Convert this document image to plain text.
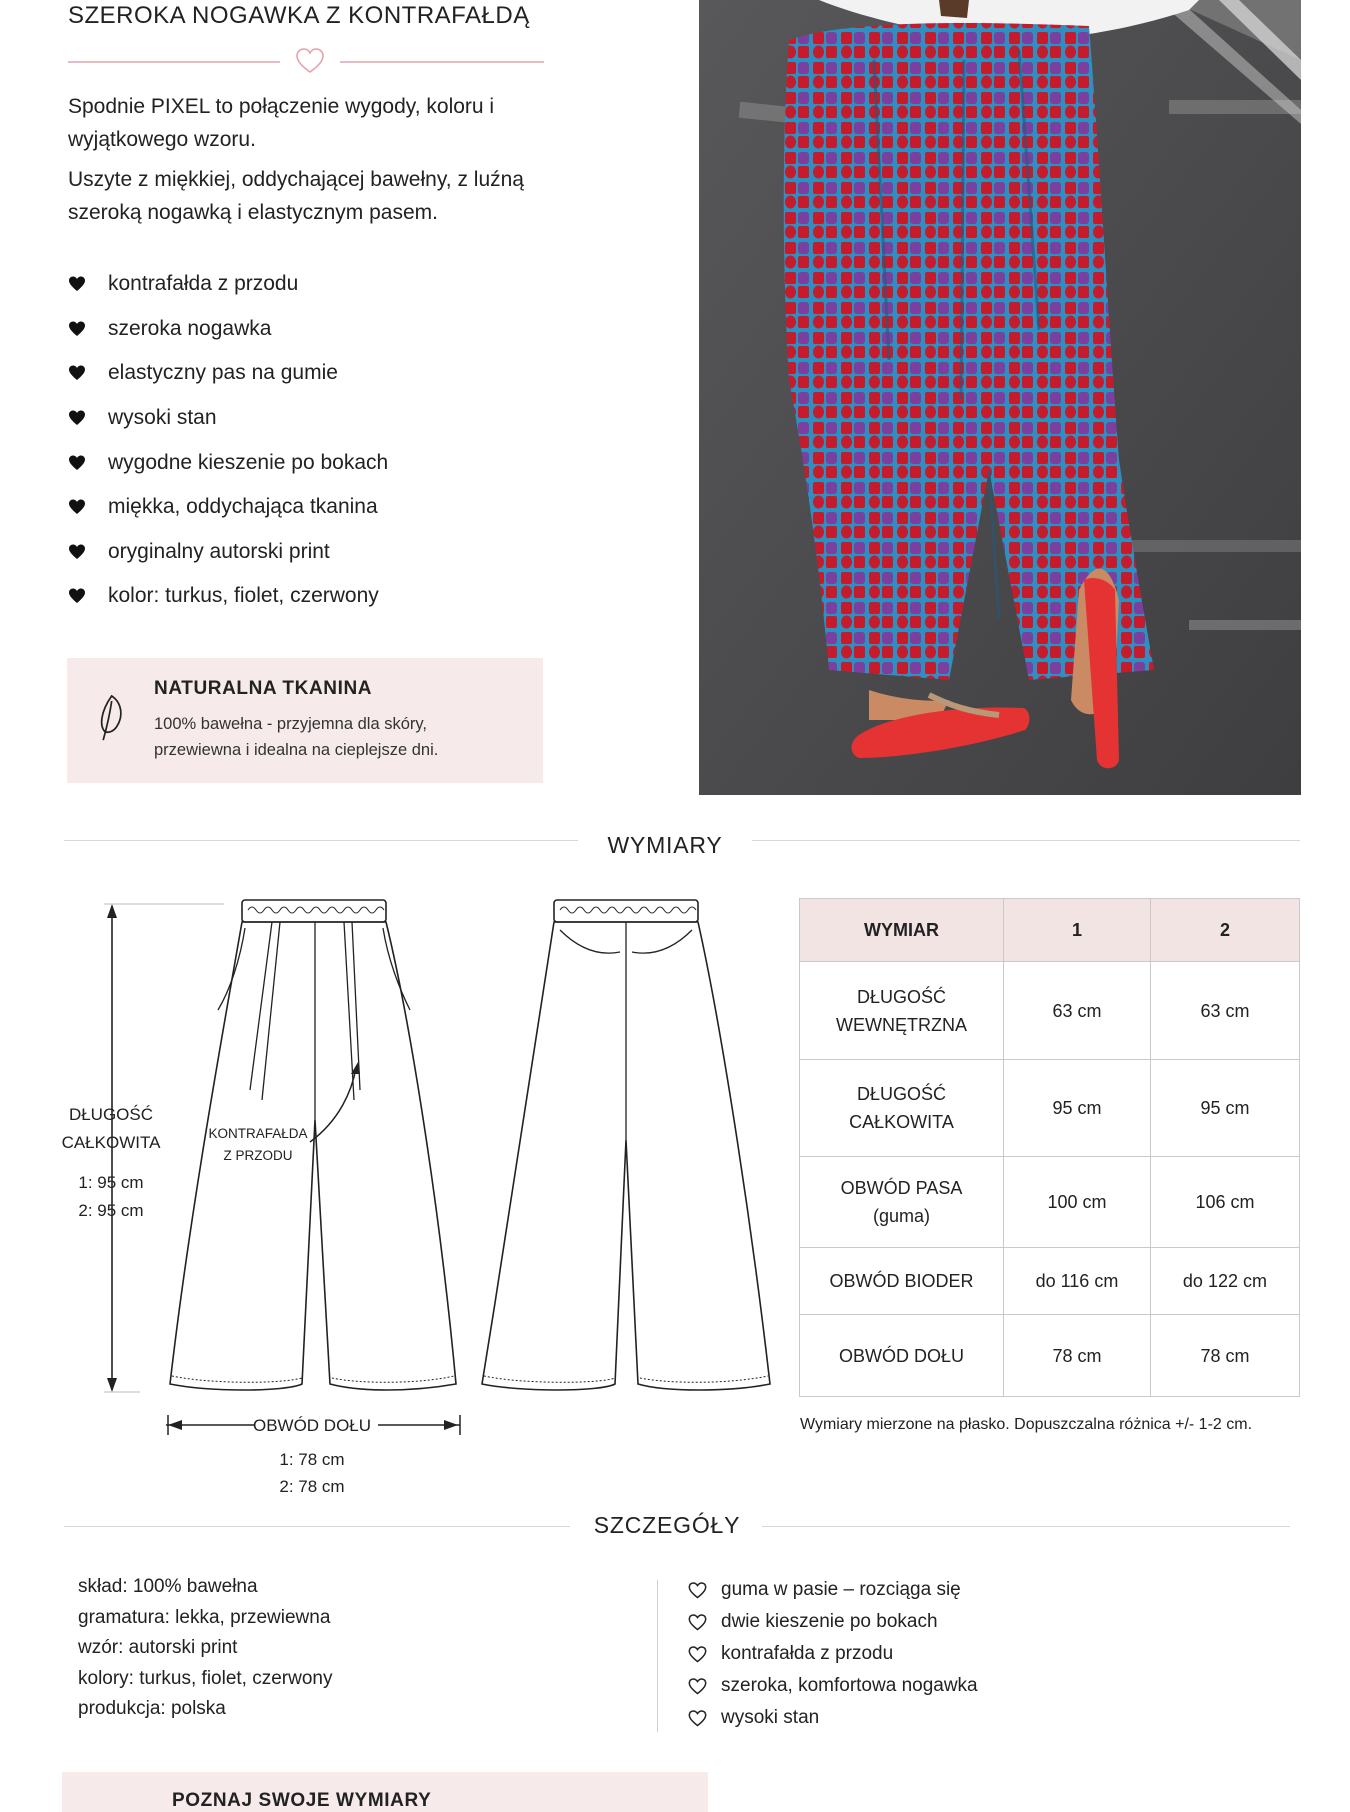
SZEROKA NOGAWKA Z KONTRAFAŁDĄ

Spodnie PIXEL to połączenie wygody, koloru i wyjątkowego wzoru.

Uszyte z miękkiej, oddychającej bawełny, z luźną szeroką nogawką i elastycznym pasem.

kontrafałda z przodu
szeroka nogawka
elastyczny pas na gumie
wysoki stan
wygodne kieszenie po bokach
miękka, oddychająca tkanina
oryginalny autorski print
kolor: turkus, fiolet, czerwony
NATURALNA TKANINA
100% bawełna - przyjemna dla skóry,
przewiewna i idealna na cieplejsze dni.
WYMIARY
DŁUGOŚĆ
CAŁKOWITA
1: 95 cm
2: 95 cm
KONTRAFAŁDA
Z PRZODU
OBWÓD DOŁU
1: 78 cm
2: 78 cm
WYMIAR	1	2

DŁUGOŚĆ
WEWNĘTRZNA	63 cm	63 cm

DŁUGOŚĆ
CAŁKOWITA	95 cm	95 cm

OBWÓD PASA
(guma)	100 cm	106 cm
OBWÓD BIODER	do 116 cm	do 122 cm
OBWÓD DOŁU	78 cm	78 cm
Wymiary mierzone na płasko. Dopuszczalna różnica +/- 1-2 cm.
SZCZEGÓŁY
skład: 100% bawełna
gramatura: lekka, przewiewna
wzór: autorski print
kolory: turkus, fiolet, czerwony
produkcja: polska
guma w pasie – rozciąga się
dwie kieszenie po bokach
kontrafałda z przodu
szeroka, komfortowa nogawka
wysoki stan
POZNAJ SWOJE WYMIARY
